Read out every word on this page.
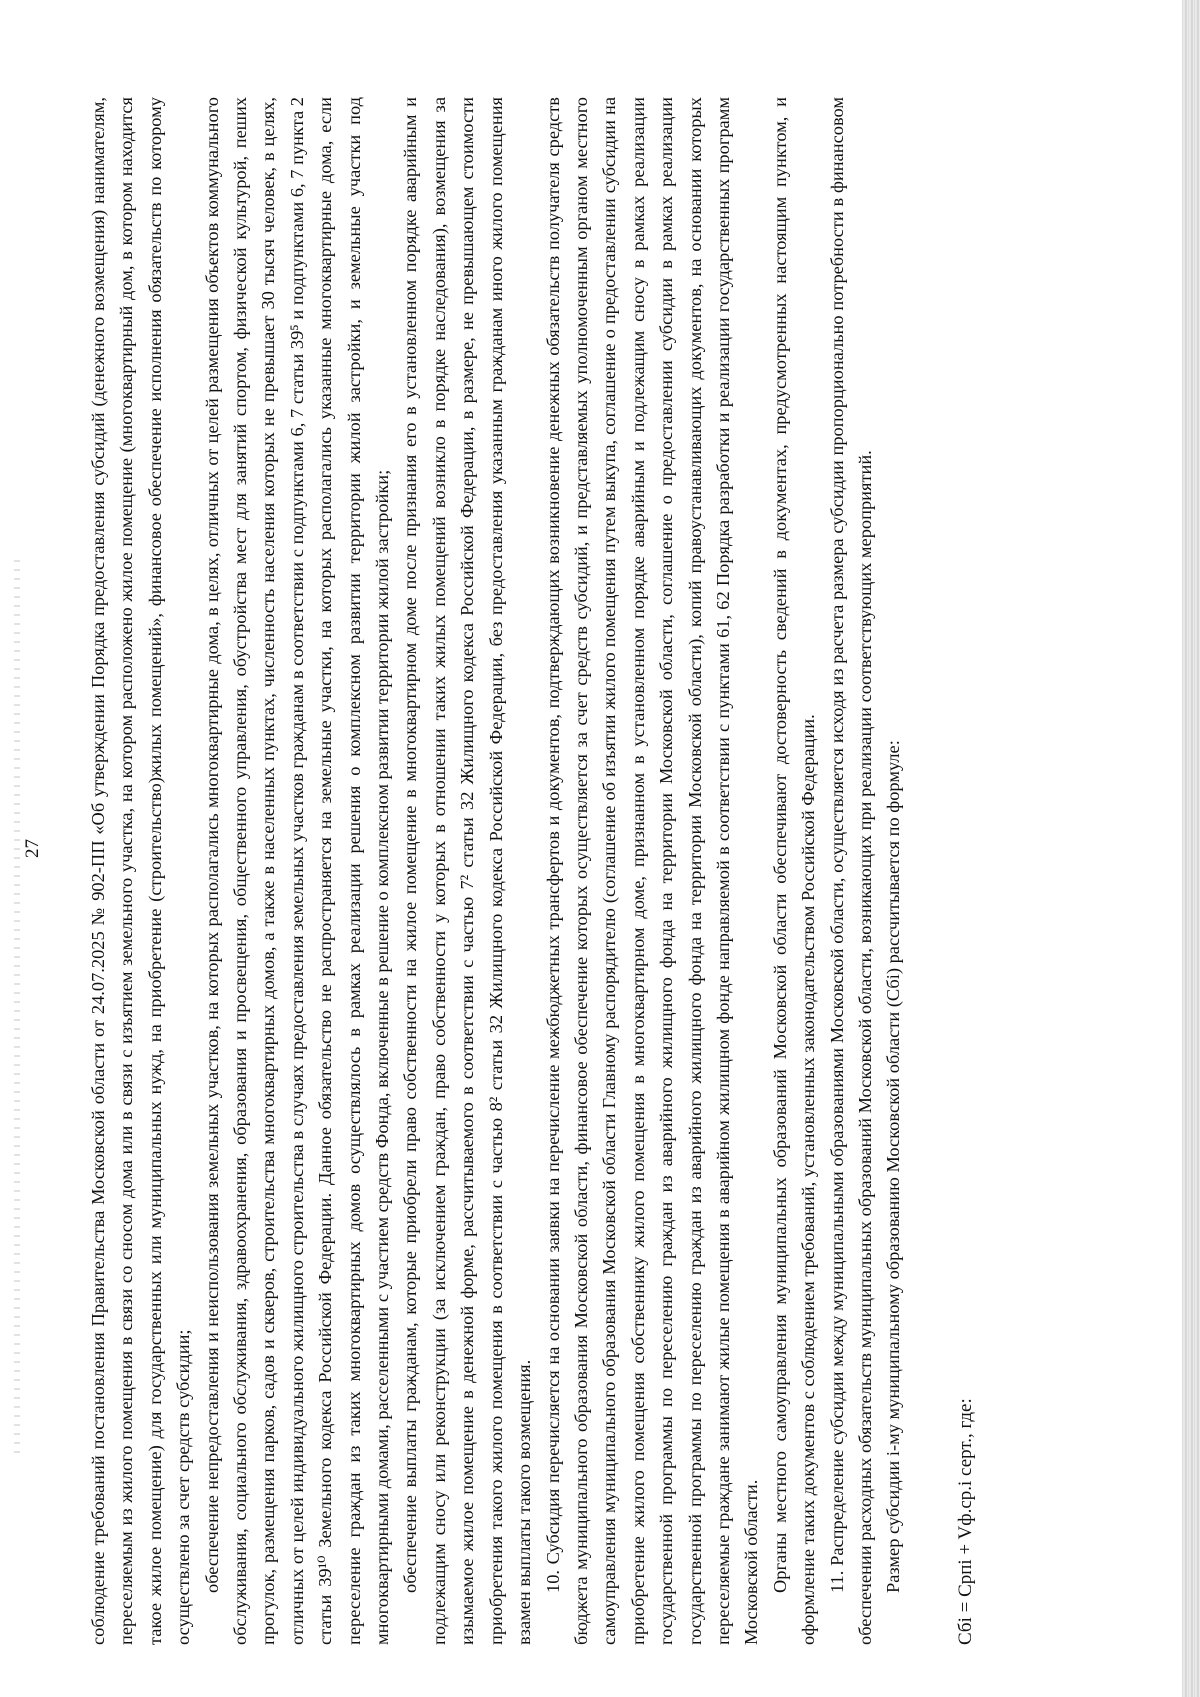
27 соблюдение требований постановления Правительства Московской области от 24.07.2025 № 902-ПП «Об утверждении Порядка предоставления субсидий (денежного возмещения) нанимателям, переселяемым из жилого помещения в связи со сносом дома или в связи с изъятием земельного участка, на котором расположено жилое помещение (многоквартирный дом, в котором находится такое жилое помещение) для государственных или муниципальных нужд, на приобретение (строительство)жилых помещений», финансовое обеспечение исполнения обязательств по которому осуществлено за счет средств субсидии; обеспечение непредоставления и неиспользования земельных участков, на которых располагались многоквартирные дома, в целях, отличных от целей размещения объектов коммунального обслуживания, социального обслуживания, здравоохранения, образования и просвещения, общественного управления, обустройства мест для занятий спортом, физической культурой, пеших прогулок, размещения парков, садов и скверов, строительства многоквартирных домов, а также в населенных пунктах, численность населения которых не превышает 30 тысяч человек, в целях, отличных от целей индивидуального жилищного строительства в случаях предоставления земельных участков гражданам в соответствии с подпунктами 6, 7 статьи 39⁵ и подпунктами 6, 7 пункта 2 статьи 39¹⁰ Земельного кодекса Российской Федерации. Данное обязательство не распространяется на земельные участки, на которых располагались указанные многоквартирные дома, если переселение граждан из таких многоквартирных домов осуществлялось в рамках реализации решения о комплексном развитии территории жилой застройки, и земельные участки под многоквартирными домами, расселенными с участием средств Фонда, включенные в решение о комплексном развитии территории жилой застройки; обеспечение выплаты гражданам, которые приобрели право собственности на жилое помещение в многоквартирном доме после признания его в установленном порядке аварийным и подлежащим сносу или реконструкции (за исключением граждан, право собственности у которых в отношении таких жилых помещений возникло в порядке наследования), возмещения за изымаемое жилое помещение в денежной форме, рассчитываемого в соответствии с частью 7² статьи 32 Жилищного кодекса Российской Федерации, в размере, не превышающем стоимости приобретения такого жилого помещения в соответствии с частью 8² статьи 32 Жилищного кодекса Российской Федерации, без предоставления указанным гражданам иного жилого помещения взамен выплаты такого возмещения. 10. Субсидия перечисляется на основании заявки на перечисление межбюджетных трансфертов и документов, подтверждающих возникновение денежных обязательств получателя средств бюджета муниципального образования Московской области, финансовое обеспечение которых осуществляется за счет средств субсидий, и представляемых уполномоченным органом местного самоуправления муниципального образования Московской области Главному распорядителю (соглашение об изъятии жилого помещения путем выкупа, соглашение о предоставлении субсидии на приобретение жилого помещения собственнику жилого помещения в многоквартирном доме, признанном в установленном порядке аварийным и подлежащим сносу в рамках реализации государственной программы по переселению граждан из аварийного жилищного фонда на территории Московской области, соглашение о предоставлении субсидии в рамках реализации государственной программы по переселению граждан из аварийного жилищного фонда на территории Московской области), копий правоустанавливающих документов, на основании которых переселяемые граждане занимают жилые помещения в аварийном жилищном фонде направляемой в соответствии с пунктами 61, 62 Порядка разработки и реализации государственных программ Московской области. Органы местного самоуправления муниципальных образований Московской области обеспечивают достоверность сведений в документах, предусмотренных настоящим пунктом, и оформление таких документов с соблюдением требований, установленных законодательством Российской Федерации. 11. Распределение субсидии между муниципальными образованиями Московской области, осуществляется исходя из расчета размера субсидии пропорционально потребности в финансовом обеспечении расходных обязательств муниципальных образований Московской области, возникающих при реализации соответствующих мероприятий. Размер субсидии i-му муниципальному образованию Московской области (Сбi) рассчитывается по формуле:	Сбi = Српi + Vф.ср.i серт., где:
